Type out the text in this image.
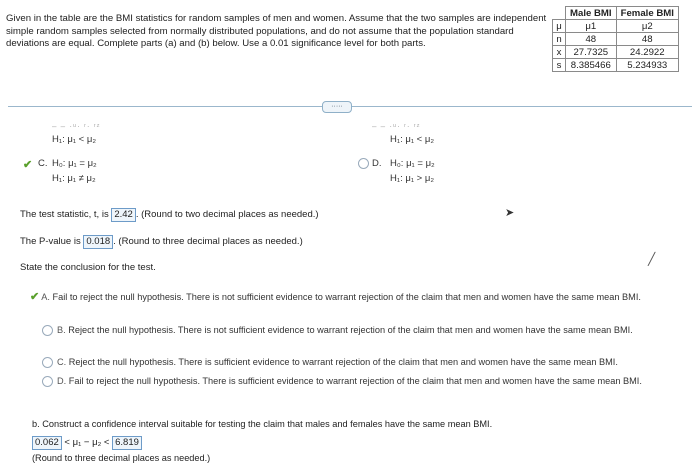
Given in the table are the BMI statistics for random samples of men and women. Assume that the two samples are independent simple random samples selected from normally distributed populations, and do not assume that the population standard deviations are equal. Complete parts (a) and (b) below. Use a 0.01 significance level for both parts.
	Male BMI	Female BMI
μ	μ1	μ2
n	48	48
x	27.7325	24.2922
s	8.385466	5.234933
·····
– – ·ᵘ· ʳ· ʳᶻ
H₁: μ₁ < μ₂
✔ C. H₀: μ₁ = μ₂
H₁: μ₁ ≠ μ₂
– – ·ᵘ· ʳ· ʳᶻ
H₁: μ₁ < μ₂
D. H₀: μ₁ = μ₂
H₁: μ₁ > μ₂
The test statistic, t, is 2.42 . (Round to two decimal places as needed.)	➤
The P-value is 0.018 . (Round to three decimal places as needed.)
State the conclusion for the test.
╱
✔ A. Fail to reject the null hypothesis. There is not sufficient evidence to warrant rejection of the claim that men and women have the same mean BMI.
B. Reject the null hypothesis. There is not sufficient evidence to warrant rejection of the claim that men and women have the same mean BMI.
C. Reject the null hypothesis. There is sufficient evidence to warrant rejection of the claim that men and women have the same mean BMI.
D. Fail to reject the null hypothesis. There is sufficient evidence to warrant rejection of the claim that men and women have the same mean BMI.
b. Construct a confidence interval suitable for testing the claim that males and females have the same mean BMI.
0.062 < μ₁ − μ₂ < 6.819
(Round to three decimal places as needed.)
